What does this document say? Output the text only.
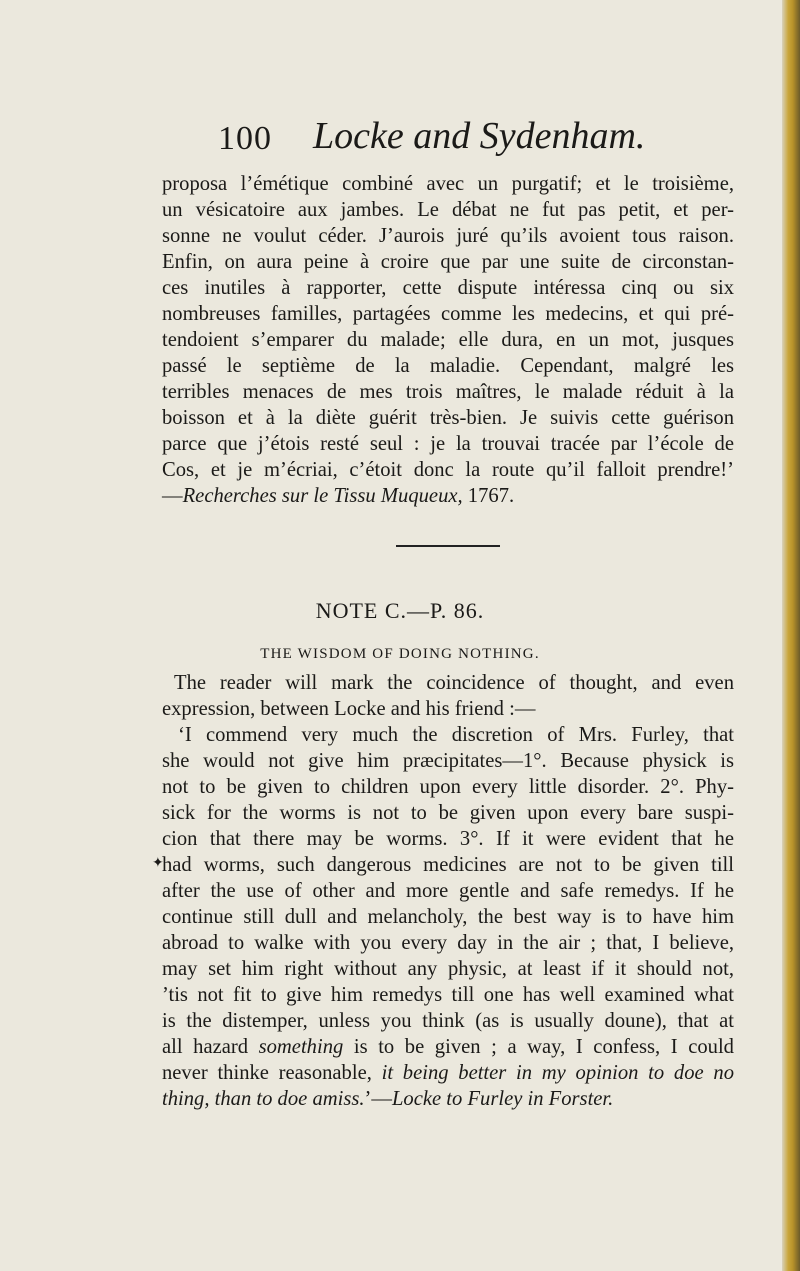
100 Locke and Sydenham.
proposa l’émétique combiné avec un purgatif; et le troisième,
un vésicatoire aux jambes. Le débat ne fut pas petit, et per-
sonne ne voulut céder. J’aurois juré qu’ils avoient tous raison.
Enfin, on aura peine à croire que par une suite de circonstan-
ces inutiles à rapporter, cette dispute intéressa cinq ou six
nombreuses familles, partagées comme les medecins, et qui pré-
tendoient s’emparer du malade; elle dura, en un mot, jusques
passé le septième de la maladie. Cependant, malgré les
terribles menaces de mes trois maîtres, le malade réduit à la
boisson et à la diète guérit très-bien. Je suivis cette guérison
parce que j’étois resté seul : je la trouvai tracée par l’école de
Cos, et je m’écriai, c’étoit donc la route qu’il falloit prendre!’
—Recherches sur le Tissu Muqueux, 1767.
NOTE C.—P. 86.
THE WISDOM OF DOING NOTHING.
✦
The reader will mark the coincidence of thought, and even
expression, between Locke and his friend :—
‘I commend very much the discretion of Mrs. Furley, that
she would not give him præcipitates—1°. Because physick is
not to be given to children upon every little disorder. 2°. Phy-
sick for the worms is not to be given upon every bare suspi-
cion that there may be worms. 3°. If it were evident that he
had worms, such dangerous medicines are not to be given till
after the use of other and more gentle and safe remedys. If he
continue still dull and melancholy, the best way is to have him
abroad to walke with you every day in the air ; that, I believe,
may set him right without any physic, at least if it should not,
’tis not fit to give him remedys till one has well examined what
is the distemper, unless you think (as is usually doune), that at
all hazard something is to be given ; a way, I confess, I could
never thinke reasonable, it being better in my opinion to doe no
thing, than to doe amiss.’—Locke to Furley in Forster.
